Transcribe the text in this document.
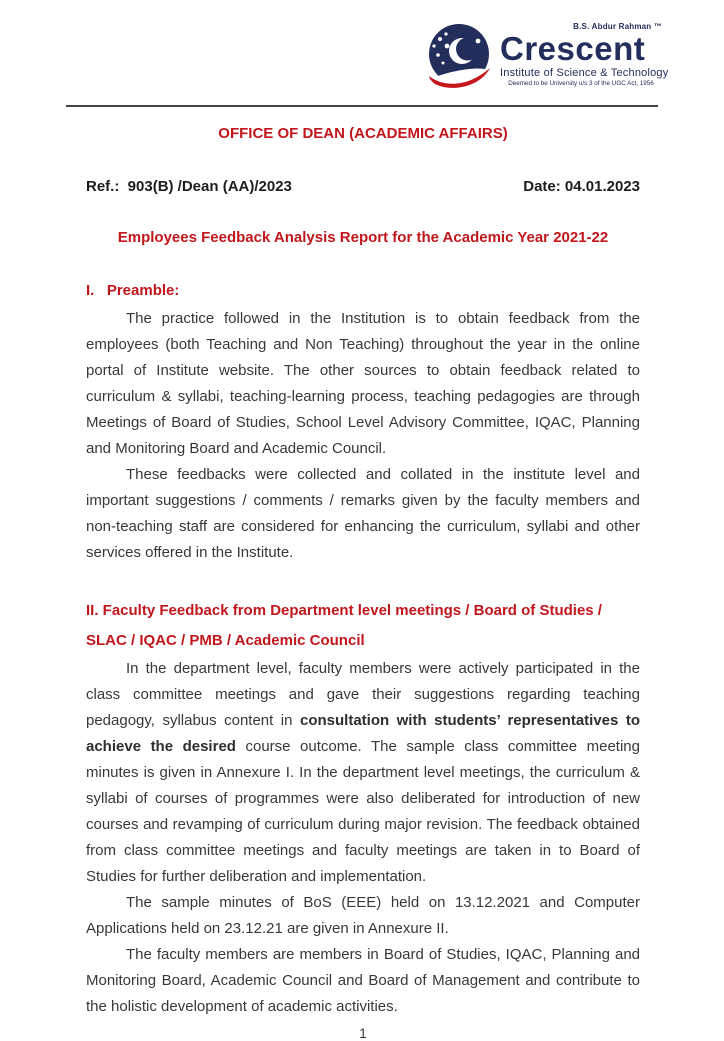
B.S. Abdur Rahman ™
Crescent
Institute of Science & Technology
Deemed to be University u/s 3 of the UGC Act, 1956
OFFICE OF DEAN (ACADEMIC AFFAIRS)
Ref.:  903(B) /Dean (AA)/2023	Date: 04.01.2023
Employees Feedback Analysis Report for the Academic Year 2021-22
I.   Preamble:

The practice followed in the Institution is to obtain feedback from the employees (both Teaching and Non Teaching) throughout the year in the online portal of Institute website. The other sources to obtain feedback related to curriculum & syllabi, teaching-learning process, teaching pedagogies are through Meetings of Board of Studies, School Level Advisory Committee, IQAC, Planning and Monitoring Board and Academic Council.

These feedbacks were collected and collated in the institute level and important suggestions / comments / remarks given by the faculty members and non-teaching staff are considered for enhancing the curriculum, syllabi and other services offered in the Institute.

II. Faculty Feedback from Department level meetings / Board of Studies / SLAC / IQAC / PMB / Academic Council

In the department level, faculty members were actively participated in the class committee meetings and gave their suggestions regarding teaching pedagogy, syllabus content in consultation with students’ representatives to achieve the desired course outcome. The sample class committee meeting minutes is given in Annexure I. In the department level meetings, the curriculum & syllabi of courses of programmes were also deliberated for introduction of new courses and revamping of curriculum during major revision. The feedback obtained from class committee meetings and faculty meetings are taken in to Board of Studies for further deliberation and implementation.

The sample minutes of BoS (EEE) held on 13.12.2021 and Computer Applications held on 23.12.21 are given in Annexure II.

The faculty members are members in Board of Studies, IQAC, Planning and Monitoring Board, Academic Council and Board of Management and contribute to the holistic development of academic activities.

1
